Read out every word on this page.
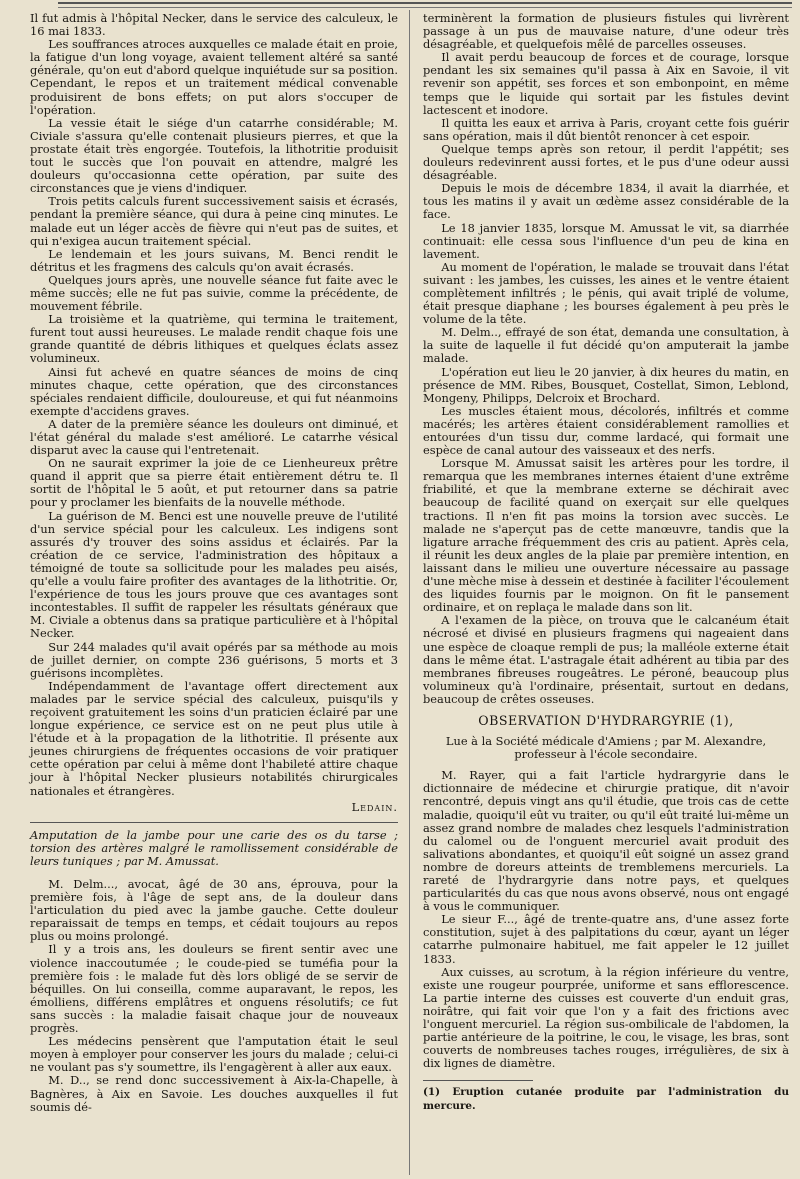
Il fut admis à l'hôpital Necker, dans le service des calculeux, le 16 mai 1833.

Les souffrances atroces auxquelles ce malade était en proie, la fatigue d'un long voyage, avaient tellement altéré sa santé générale, qu'on eut d'abord quelque inquiétude sur sa position. Cependant, le repos et un traitement médical convenable produisirent de bons effets; on put alors s'occuper de l'opération.

La vessie était le siége d'un catarrhe considérable; M. Civiale s'assura qu'elle contenait plusieurs pierres, et que la prostate était très engorgée. Toutefois, la lithotritie produisit tout le succès que l'on pouvait en attendre, malgré les douleurs qu'occasionna cette opération, par suite des circonstances que je viens d'indiquer.

Trois petits calculs furent successivement saisis et écrasés, pendant la première séance, qui dura à peine cinq minutes. Le malade eut un léger accès de fièvre qui n'eut pas de suites, et qui n'exigea aucun traitement spécial.

Le lendemain et les jours suivans, M. Benci rendit le détritus et les fragmens des calculs qu'on avait écrasés.

Quelques jours après, une nouvelle séance fut faite avec le même succès; elle ne fut pas suivie, comme la précédente, de mouvement fébrile.

La troisième et la quatrième, qui termina le traitement, furent tout aussi heureuses. Le malade rendit chaque fois une grande quantité de débris lithiques et quelques éclats assez volumineux.

Ainsi fut achevé en quatre séances de moins de cinq minutes chaque, cette opération, que des circonstances spéciales rendaient difficile, douloureuse, et qui fut néanmoins exempte d'accidens graves.

A dater de la première séance les douleurs ont diminué, et l'état général du malade s'est amélioré. Le catarrhe vésical disparut avec la cause qui l'entretenait.

On ne saurait exprimer la joie de ce Lienheureux prêtre quand il apprit que sa pierre était entièrement détru te. Il sortit de l'hôpital le 5 août, et put retourner dans sa patrie pour y proclamer les bienfaits de la nouvelle méthode.

La guérison de M. Benci est une nouvelle preuve de l'utilité d'un service spécial pour les calculeux. Les indigens sont assurés d'y trouver des soins assidus et éclairés. Par la création de ce service, l'administration des hôpitaux a témoigné de toute sa sollicitude pour les malades peu aisés, qu'elle a voulu faire profiter des avantages de la lithotritie. Or, l'expérience de tous les jours prouve que ces avantages sont incontestables. Il suffit de rappeler les résultats généraux que M. Civiale a obtenus dans sa pratique particulière et à l'hôpital Necker.

Sur 244 malades qu'il avait opérés par sa méthode au mois de juillet dernier, on compte 236 guérisons, 5 morts et 3 guérisons incomplètes.

Indépendamment de l'avantage offert directement aux malades par le service spécial des calculeux, puisqu'ils y reçoivent gratuitement les soins d'un praticien éclairé par une longue expérience, ce service est on ne peut plus utile à l'étude et à la propagation de la lithotritie. Il présente aux jeunes chirurgiens de fréquentes occasions de voir pratiquer cette opération par celui à même dont l'habileté attire chaque jour à l'hôpital Necker plusieurs notabilités chirurgicales nationales et étrangères.

Ledain.

Amputation de la jambe pour une carie des os du tarse ; torsion des artères malgré le ramollissement considérable de leurs tuniques ; par M. Amussat.

M. Delm..., avocat, âgé de 30 ans, éprouva, pour la première fois, à l'âge de sept ans, de la douleur dans l'articulation du pied avec la jambe gauche. Cette douleur reparaissait de temps en temps, et cédait toujours au repos plus ou moins prolongé.

Il y a trois ans, les douleurs se firent sentir avec une violence inaccoutumée ; le coude-pied se tuméfia pour la première fois : le malade fut dès lors obligé de se servir de béquilles. On lui conseilla, comme auparavant, le repos, les émolliens, différens emplâtres et onguens résolutifs; ce fut sans succès : la maladie faisait chaque jour de nouveaux progrès.

Les médecins pensèrent que l'amputation était le seul moyen à employer pour conserver les jours du malade ; celui-ci ne voulant pas s'y soumettre, ils l'engagèrent à aller aux eaux.

M. D.., se rend donc successivement à Aix-la-Chapelle, à Bagnères, à Aix en Savoie. Les douches auxquelles il fut soumis dé-

terminèrent la formation de plusieurs fistules qui livrèrent passage à un pus de mauvaise nature, d'une odeur très désagréable, et quelquefois mêlé de parcelles osseuses.

Il avait perdu beaucoup de forces et de courage, lorsque pendant les six semaines qu'il passa à Aix en Savoie, il vit revenir son appétit, ses forces et son embonpoint, en même temps que le liquide qui sortait par les fistules devint lactescent et inodore.

Il quitta les eaux et arriva à Paris, croyant cette fois guérir sans opération, mais il dût bientôt renoncer à cet espoir.

Quelque temps après son retour, il perdit l'appétit; ses douleurs redevinrent aussi fortes, et le pus d'une odeur aussi désagréable.

Depuis le mois de décembre 1834, il avait la diarrhée, et tous les matins il y avait un œdème assez considérable de la face.

Le 18 janvier 1835, lorsque M. Amussat le vit, sa diarrhée continuait: elle cessa sous l'influence d'un peu de kina en lavement.

Au moment de l'opération, le malade se trouvait dans l'état suivant : les jambes, les cuisses, les aines et le ventre étaient complètement infiltrés ; le pénis, qui avait triplé de volume, était presque diaphane ; les bourses également à peu près le volume de la tête.

M. Delm.., effrayé de son état, demanda une consultation, à la suite de laquelle il fut décidé qu'on amputerait la jambe malade.

L'opération eut lieu le 20 janvier, à dix heures du matin, en présence de MM. Ribes, Bousquet, Costellat, Simon, Leblond, Mongeny, Philipps, Delcroix et Brochard.

Les muscles étaient mous, décolorés, infiltrés et comme macérés; les artères étaient considérablement ramollies et entourées d'un tissu dur, comme lardacé, qui formait une espèce de canal autour des vaisseaux et des nerfs.

Lorsque M. Amussat saisit les artères pour les tordre, il remarqua que les membranes internes étaient d'une extrême friabilité, et que la membrane externe se déchirait avec beaucoup de facilité quand on exerçait sur elle quelques tractions. Il n'en fit pas moins la torsion avec succès. Le malade ne s'aperçut pas de cette manœuvre, tandis que la ligature arrache fréquemment des cris au patient. Après cela, il réunit les deux angles de la plaie par première intention, en laissant dans le milieu une ouverture nécessaire au passage d'une mèche mise à dessein et destinée à faciliter l'écoulement des liquides fournis par le moignon. On fit le pansement ordinaire, et on replaça le malade dans son lit.

A l'examen de la pièce, on trouva que le calcanéum était nécrosé et divisé en plusieurs fragmens qui nageaient dans une espèce de cloaque rempli de pus; la malléole externe était dans le même état. L'astragale était adhérent au tibia par des membranes fibreuses rougeâtres. Le péroné, beaucoup plus volumineux qu'à l'ordinaire, présentait, surtout en dedans, beaucoup de crêtes osseuses.

OBSERVATION D'HYDRARGYRIE (1),

Lue à la Société médicale d'Amiens ; par M. Alexandre, professeur à l'école secondaire.

M. Rayer, qui a fait l'article hydrargyrie dans le dictionnaire de médecine et chirurgie pratique, dit n'avoir rencontré, depuis vingt ans qu'il étudie, que trois cas de cette maladie, quoiqu'il eût vu traiter, ou qu'il eût traité lui-même un assez grand nombre de malades chez lesquels l'administration du calomel ou de l'onguent mercuriel avait produit des salivations abondantes, et quoiqu'il eût soigné un assez grand nombre de doreurs atteints de tremblemens mercuriels. La rareté de l'hydrargyrie dans notre pays, et quelques particularités du cas que nous avons observé, nous ont engagé à vous le communiquer.

Le sieur F..., âgé de trente-quatre ans, d'une assez forte constitution, sujet à des palpitations du cœur, ayant un léger catarrhe pulmonaire habituel, me fait appeler le 12 juillet 1833.

Aux cuisses, au scrotum, à la région inférieure du ventre, existe une rougeur pourprée, uniforme et sans efflorescence. La partie interne des cuisses est couverte d'un enduit gras, noirâtre, qui fait voir que l'on y a fait des frictions avec l'onguent mercuriel. La région sus-ombilicale de l'abdomen, la partie antérieure de la poitrine, le cou, le visage, les bras, sont couverts de nombreuses taches rouges, irrégulières, de six à dix lignes de diamètre.

(1) Eruption cutanée produite par l'administration du mercure.
